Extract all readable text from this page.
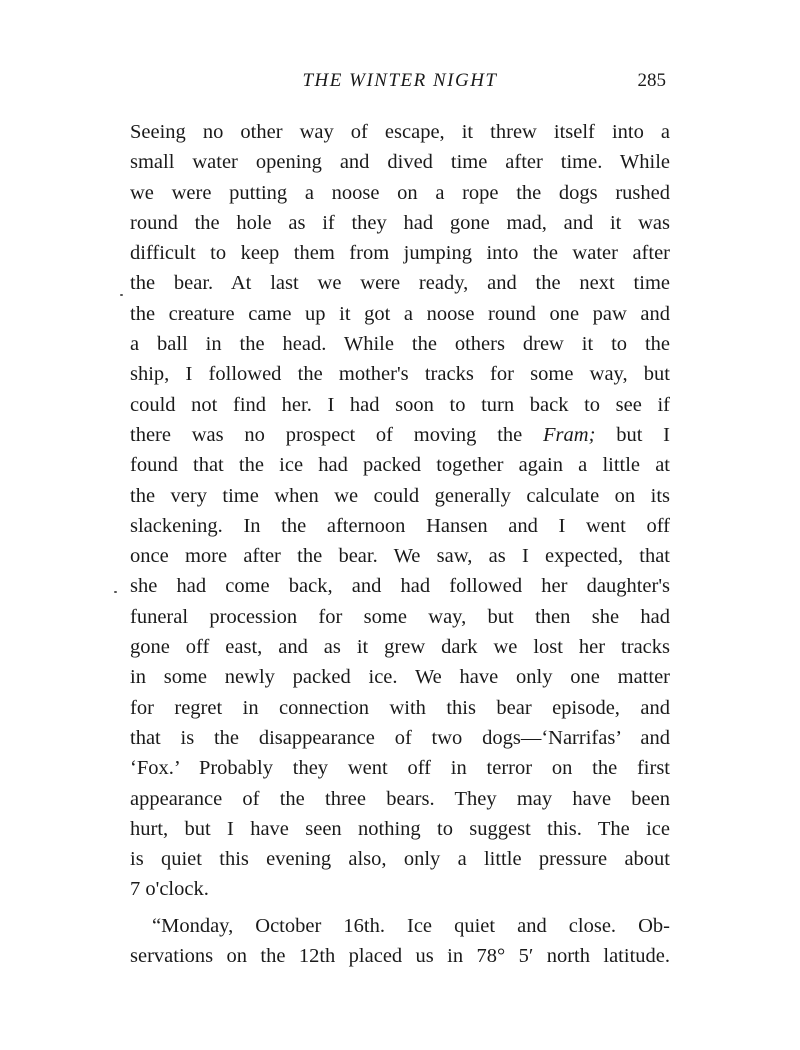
THE WINTER NIGHT	285
Seeing no other way of escape, it threw itself into a
small water opening and dived time after time. While
we were putting a noose on a rope the dogs rushed
round the hole as if they had gone mad, and it was
difficult to keep them from jumping into the water after
the bear. At last we were ready, and the next time
the creature came up it got a noose round one paw and
a ball in the head. While the others drew it to the
ship, I followed the mother's tracks for some way, but
could not find her. I had soon to turn back to see if
there was no prospect of moving the Fram; but I
found that the ice had packed together again a little at
the very time when we could generally calculate on its
slackening. In the afternoon Hansen and I went off
once more after the bear. We saw, as I expected, that
she had come back, and had followed her daughter's
funeral procession for some way, but then she had
gone off east, and as it grew dark we lost her tracks
in some newly packed ice. We have only one matter
for regret in connection with this bear episode, and
that is the disappearance of two dogs—‘Narrifas’ and
‘Fox.’ Probably they went off in terror on the first
appearance of the three bears. They may have been
hurt, but I have seen nothing to suggest this. The ice
is quiet this evening also, only a little pressure about
7 o'clock.
“Monday, October 16th. Ice quiet and close. Ob-
servations on the 12th placed us in 78° 5′ north latitude.
